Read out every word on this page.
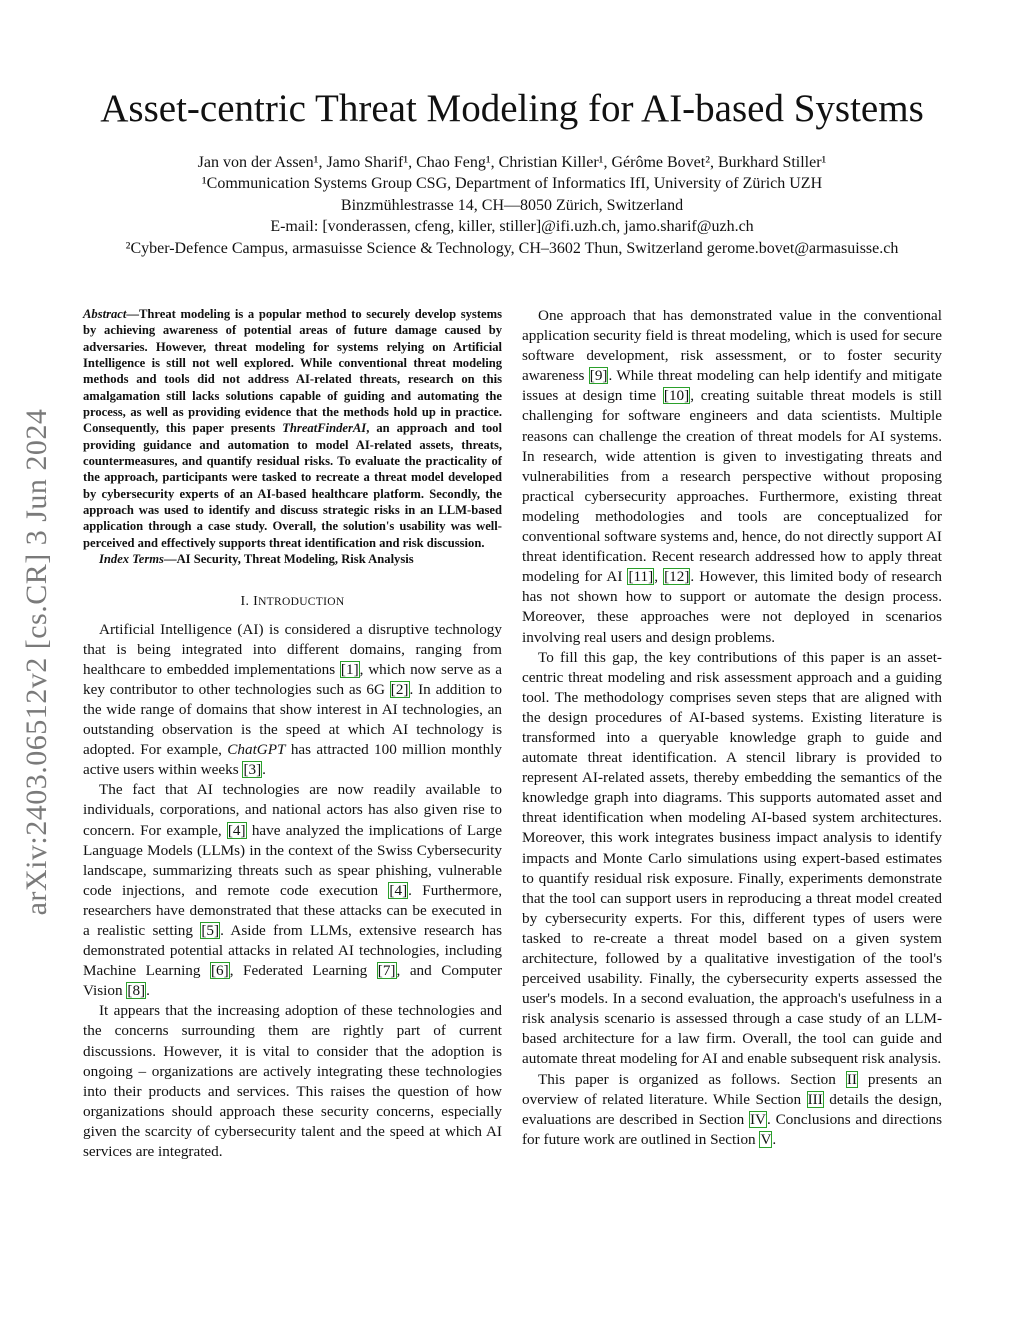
arXiv:2403.06512v2 [cs.CR] 3 Jun 2024
Asset-centric Threat Modeling for AI-based Systems
Jan von der Assen¹, Jamo Sharif¹, Chao Feng¹, Christian Killer¹, Gérôme Bovet², Burkhard Stiller¹
¹Communication Systems Group CSG, Department of Informatics IfI, University of Zürich UZH
Binzmühlestrasse 14, CH—8050 Zürich, Switzerland
E-mail: [vonderassen, cfeng, killer, stiller]@ifi.uzh.ch, jamo.sharif@uzh.ch
²Cyber-Defence Campus, armasuisse Science & Technology, CH–3602 Thun, Switzerland gerome.bovet@armasuisse.ch

Abstract—Threat modeling is a popular method to securely develop systems by achieving awareness of potential areas of future damage caused by adversaries. However, threat modeling for systems relying on Artificial Intelligence is still not well explored. While conventional threat modeling methods and tools did not address AI-related threats, research on this amalgamation still lacks solutions capable of guiding and automating the process, as well as providing evidence that the methods hold up in practice. Consequently, this paper presents ThreatFinderAI, an approach and tool providing guidance and automation to model AI-related assets, threats, countermeasures, and quantify residual risks. To evaluate the practicality of the approach, participants were tasked to recreate a threat model developed by cybersecurity experts of an AI-based healthcare platform. Secondly, the approach was used to identify and discuss strategic risks in an LLM-based application through a case study. Overall, the solution's usability was well-perceived and effectively supports threat identification and risk discussion.

Index Terms—AI Security, Threat Modeling, Risk Analysis

I. INTRODUCTION

Artificial Intelligence (AI) is considered a disruptive technology that is being integrated into different domains, ranging from healthcare to embedded implementations [1], which now serve as a key contributor to other technologies such as 6G [2]. In addition to the wide range of domains that show interest in AI technologies, an outstanding observation is the speed at which AI technology is adopted. For example, ChatGPT has attracted 100 million monthly active users within weeks [3].

The fact that AI technologies are now readily available to individuals, corporations, and national actors has also given rise to concern. For example, [4] have analyzed the implications of Large Language Models (LLMs) in the context of the Swiss Cybersecurity landscape, summarizing threats such as spear phishing, vulnerable code injections, and remote code execution [4]. Furthermore, researchers have demonstrated that these attacks can be executed in a realistic setting [5]. Aside from LLMs, extensive research has demonstrated potential attacks in related AI technologies, including Machine Learning [6], Federated Learning [7], and Computer Vision [8].

It appears that the increasing adoption of these technologies and the concerns surrounding them are rightly part of current discussions. However, it is vital to consider that the adoption is ongoing – organizations are actively integrating these technologies into their products and services. This raises the question of how organizations should approach these security concerns, especially given the scarcity of cybersecurity talent and the speed at which AI services are integrated.

One approach that has demonstrated value in the conventional application security field is threat modeling, which is used for secure software development, risk assessment, or to foster security awareness [9]. While threat modeling can help identify and mitigate issues at design time [10], creating suitable threat models is still challenging for software engineers and data scientists. Multiple reasons can challenge the creation of threat models for AI systems. In research, wide attention is given to investigating threats and vulnerabilities from a research perspective without proposing practical cybersecurity approaches. Furthermore, existing threat modeling methodologies and tools are conceptualized for conventional software systems and, hence, do not directly support AI threat identification. Recent research addressed how to apply threat modeling for AI [11], [12]. However, this limited body of research has not shown how to support or automate the design process. Moreover, these approaches were not deployed in scenarios involving real users and design problems.

To fill this gap, the key contributions of this paper is an asset-centric threat modeling and risk assessment approach and a guiding tool. The methodology comprises seven steps that are aligned with the design procedures of AI-based systems. Existing literature is transformed into a queryable knowledge graph to guide and automate threat identification. A stencil library is provided to represent AI-related assets, thereby embedding the semantics of the knowledge graph into diagrams. This supports automated asset and threat identification when modeling AI-based system architectures. Moreover, this work integrates business impact analysis to identify impacts and Monte Carlo simulations using expert-based estimates to quantify residual risk exposure. Finally, experiments demonstrate that the tool can support users in reproducing a threat model created by cybersecurity experts. For this, different types of users were tasked to re-create a threat model based on a given system architecture, followed by a qualitative investigation of the tool's perceived usability. Finally, the cybersecurity experts assessed the user's models. In a second evaluation, the approach's usefulness in a risk analysis scenario is assessed through a case study of an LLM-based architecture for a law firm. Overall, the tool can guide and automate threat modeling for AI and enable subsequent risk analysis.

This paper is organized as follows. Section II presents an overview of related literature. While Section III details the design, evaluations are described in Section IV. Conclusions and directions for future work are outlined in Section V.
